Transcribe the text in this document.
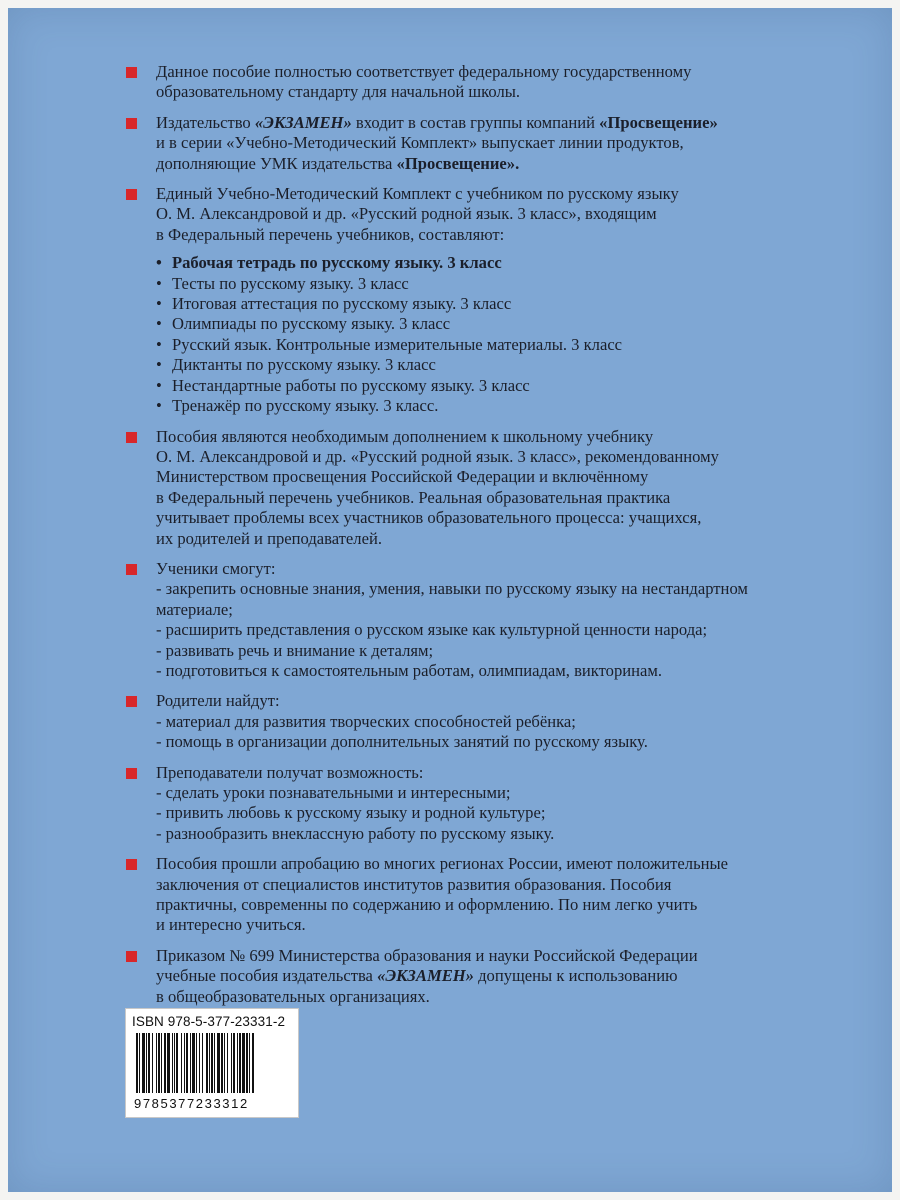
Данное пособие полностью соответствует федеральному государственному
образовательному стандарту для начальной школы.
Издательство «ЭКЗАМЕН» входит в состав группы компаний «Просвещение»
и в серии «Учебно-Методический Комплект» выпускает линии продуктов,
дополняющие УМК издательства «Просвещение».
Единый Учебно-Методический Комплект с учебником по русскому языку
О. М. Александровой и др. «Русский родной язык. 3 класс», входящим
в Федеральный перечень учебников, составляют:
• Рабочая тетрадь по русскому языку. 3 класс
• Тесты по русскому языку. 3 класс
• Итоговая аттестация по русскому языку. 3 класс
• Олимпиады по русскому языку. 3 класс
• Русский язык. Контрольные измерительные материалы. 3 класс
• Диктанты по русскому языку. 3 класс
• Нестандартные работы по русскому языку. 3 класс
• Тренажёр по русскому языку. 3 класс.
Пособия являются необходимым дополнением к школьному учебнику
О. М. Александровой и др. «Русский родной язык. 3 класс», рекомендованному
Министерством просвещения Российской Федерации и включённому
в Федеральный перечень учебников. Реальная образовательная практика
учитывает проблемы всех участников образовательного процесса: учащихся,
их родителей и преподавателей.
Ученики смогут:
- закрепить основные знания, умения, навыки по русскому языку на нестандартном
материале;
- расширить представления о русском языке как культурной ценности народа;
- развивать речь и внимание к деталям;
- подготовиться к самостоятельным работам, олимпиадам, викторинам.
Родители найдут:
- материал для развития творческих способностей ребёнка;
- помощь в организации дополнительных занятий по русскому языку.
Преподаватели получат возможность:
- сделать уроки познавательными и интересными;
- привить любовь к русскому языку и родной культуре;
- разнообразить внеклассную работу по русскому языку.
Пособия прошли апробацию во многих регионах России, имеют положительные
заключения от специалистов институтов развития образования. Пособия
практичны, современны по содержанию и оформлению. По ним легко учить
и интересно учиться.
Приказом № 699 Министерства образования и науки Российской Федерации
учебные пособия издательства «ЭКЗАМЕН» допущены к использованию
в общеобразовательных организациях.
ISBN 978-5-377-23331-2
9785377233312
